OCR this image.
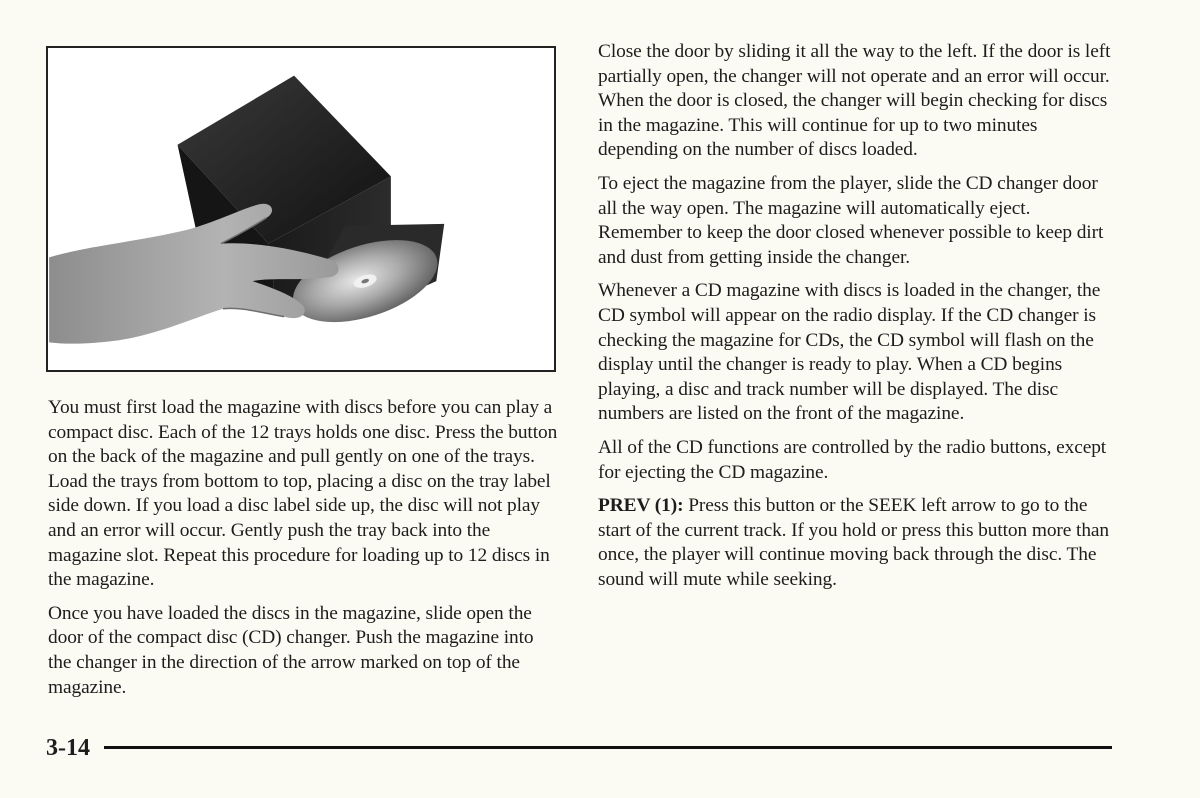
You must first load the magazine with discs before you can play a compact disc. Each of the 12 trays holds one disc. Press the button on the back of the magazine and pull gently on one of the trays. Load the trays from bottom to top, placing a disc on the tray label side down. If you load a disc label side up, the disc will not play and an error will occur. Gently push the tray back into the magazine slot. Repeat this procedure for loading up to 12 discs in the magazine.

Once you have loaded the discs in the magazine, slide open the door of the compact disc (CD) changer. Push the magazine into the changer in the direction of the arrow marked on top of the magazine.

Close the door by sliding it all the way to the left. If the door is left partially open, the changer will not operate and an error will occur. When the door is closed, the changer will begin checking for discs in the magazine. This will continue for up to two minutes depending on the number of discs loaded.

To eject the magazine from the player, slide the CD changer door all the way open. The magazine will automatically eject. Remember to keep the door closed whenever possible to keep dirt and dust from getting inside the changer.

Whenever a CD magazine with discs is loaded in the changer, the CD symbol will appear on the radio display. If the CD changer is checking the magazine for CDs, the CD symbol will flash on the display until the changer is ready to play. When a CD begins playing, a disc and track number will be displayed. The disc numbers are listed on the front of the magazine.

All of the CD functions are controlled by the radio buttons, except for ejecting the CD magazine.

PREV (1): Press this button or the SEEK left arrow to go to the start of the current track. If you hold or press this button more than once, the player will continue moving back through the disc. The sound will mute while seeking.

3-14
